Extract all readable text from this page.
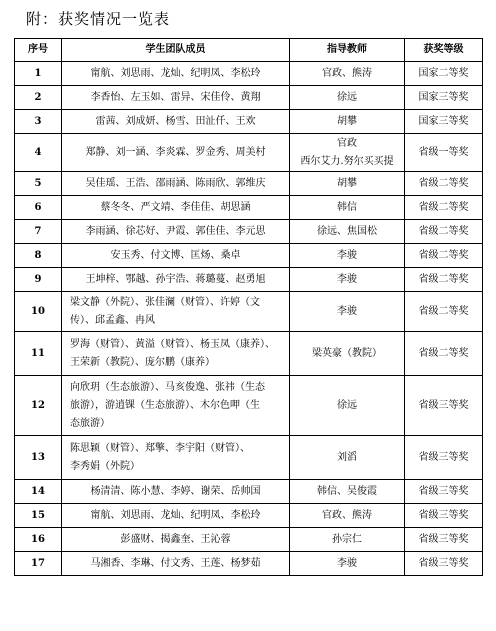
附：获奖情况一览表
序号	学生团队成员	指导教师	获奖等级
1	甯航、刘思雨、龙灿、纪明凤、李松玲	官政、熊涛	国家二等奖
2	李香怡、左玉如、雷异、宋佳伶、黄翔	徐远	国家三等奖
3	雷茜、刘成妍、杨雪、田沚仟、王欢	胡攀	国家三等奖
4	郑静、刘一涵、李炎霖、罗金秀、周美村	官政
西尔艾力.努尔买买提	省级一等奖
5	吴佳瑶、王浩、邵雨涵、陈雨欣、郭维庆	胡攀	省级二等奖
6	蔡冬冬、严文靖、李佳佳、胡思涵	韩信	省级二等奖
7	李雨涵、徐芯好、尹霞、郭佳佳、李元思	徐远、焦国松	省级二等奖
8	安玉秀、付文博、匡炀、桑卓	李骏	省级二等奖
9	王坤梓、鄂越、孙宇浩、蒋璐蔓、赵勇旭	李骏	省级二等奖
10	梁文静（外院）、张佳澜（财管）、许婷（文
传）、邱孟鑫、冉风	李骏	省级二等奖
11	罗海（财管）、黄溢（财管）、杨玉凤（康养）、
王荣新（教院）、庞尔鹏（康养）	梁英豪（教院）	省级二等奖
12	向欣玥（生态旅游）、马亥俊逸、张祎（生态
旅游），游逍锞（生态旅游）、木尔色呷（生
态旅游）	徐远	省级三等奖
13	陈思颖（财管）、郑擎、李宇阳（财管）、
李秀娟（外院）	刘滔	省级三等奖
14	杨清清、陈小慧、李婷、谢荣、岳帅国	韩信、吴俊霞	省级三等奖
15	甯航、刘思雨、龙灿、纪明凤、李松玲	官政、熊涛	省级三等奖
16	彭盛财、揭鑫奎、王沁蓉	孙宗仁	省级三等奖
17	马湘香、李琳、付文秀、王莲、杨梦茹	李骏	省级三等奖
